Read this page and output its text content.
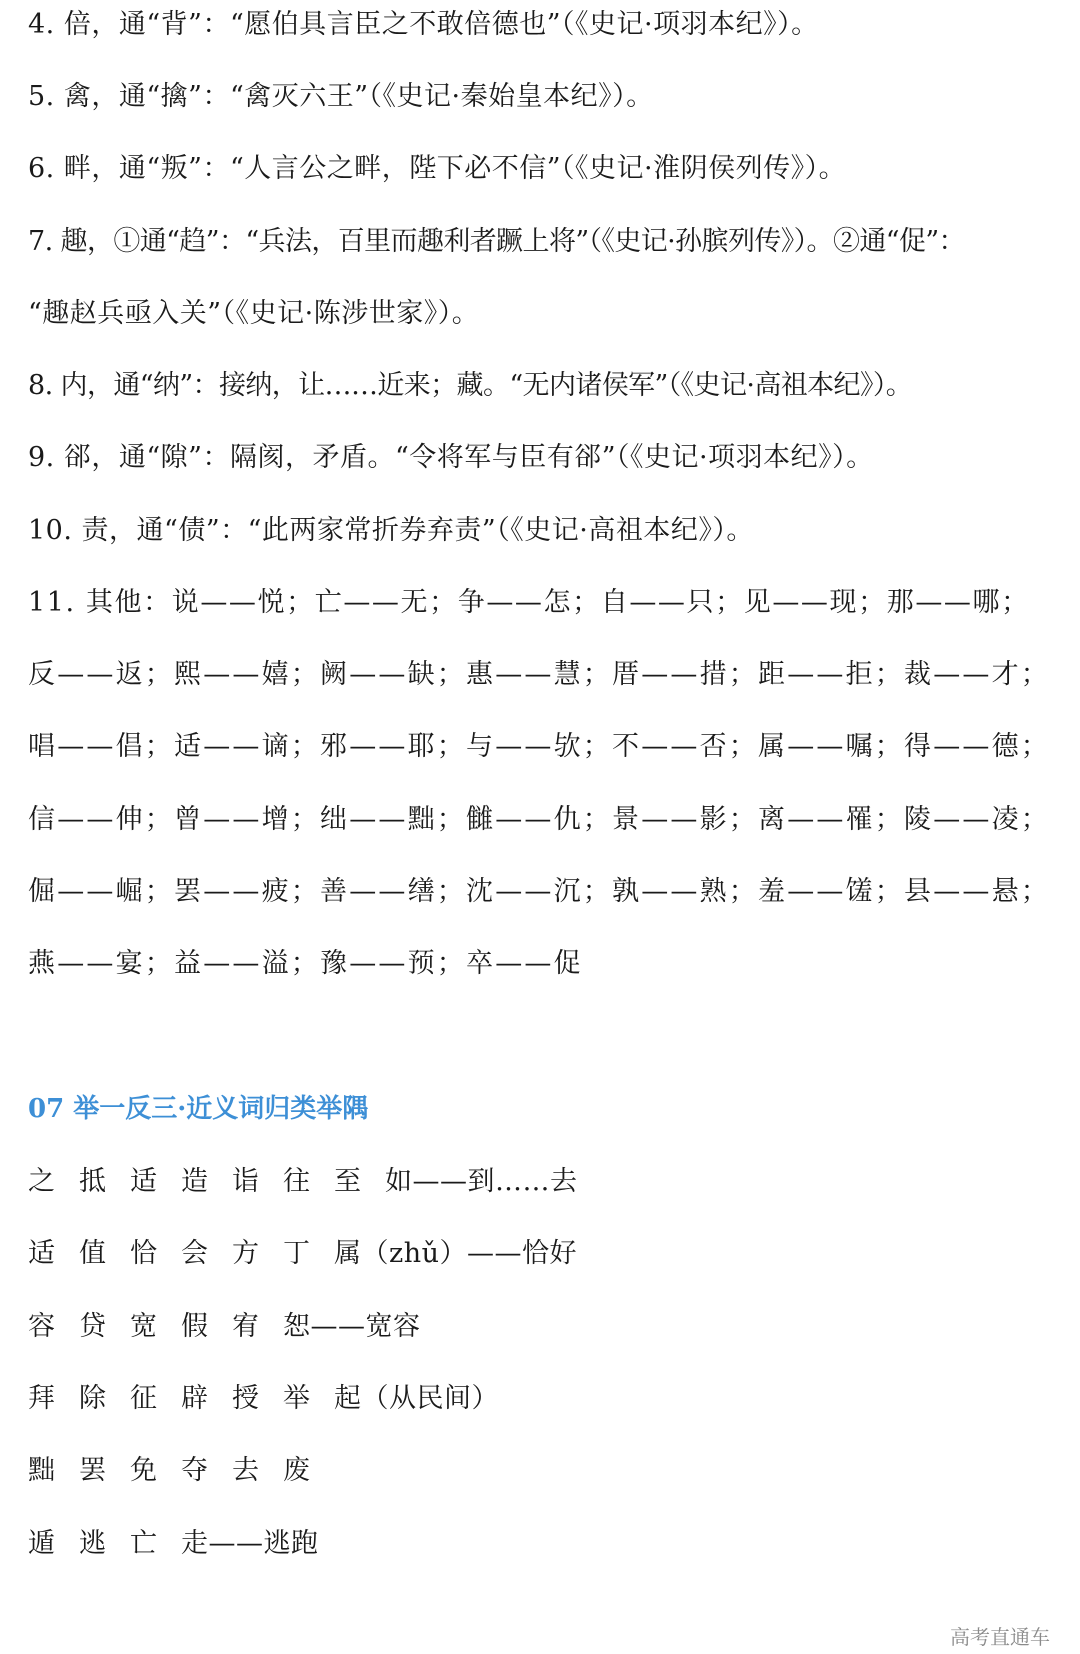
4. 倍，通“背”：“愿伯具言臣之不敢倍德也”（《史记·项羽本纪》）。
5. 禽，通“擒”：“禽灭六王”（《史记·秦始皇本纪》）。
6. 畔，通“叛”：“人言公之畔，陛下必不信”（《史记·淮阴侯列传》）。
7. 趣，①通“趋”：“兵法，百里而趣利者蹶上将”（《史记·孙膑列传》）。②通“促”：
“趣赵兵亟入关”（《史记·陈涉世家》）。
8. 内，通“纳”：接纳，让……近来；藏。“无内诸侯军”（《史记·高祖本纪》）。
9. 郤，通“隙”：隔阂，矛盾。“令将军与臣有郤”（《史记·项羽本纪》）。
10. 责，通“债”：“此两家常折券弃责”（《史记·高祖本纪》）。
11. 其他：说——悦；亡——无；争——怎；自——只；见——现；那——哪；
反——返；熙——嬉；阙——缺；惠——慧；厝——措；距——拒；裁——才；
唱——倡；适——谪；邪——耶；与——欤；不——否；属——嘱；得——德；
信——伸；曾——增；绌——黜；雠——仇；景——影；离——罹；陵——凌；
倔——崛；罢——疲；善——缮；沈——沉；孰——熟；羞——馐；县——悬；
燕——宴；益——溢；豫——预；卒——促
07 举一反三·近义词归类举隅
之抵适造诣往至如——到……去
适值恰会方丁属（zhǔ）——恰好
容贷宽假宥恕——宽容
拜除征辟授举起（从民间）
黜罢免夺去废
遁逃亡走——逃跑
高考直通车
